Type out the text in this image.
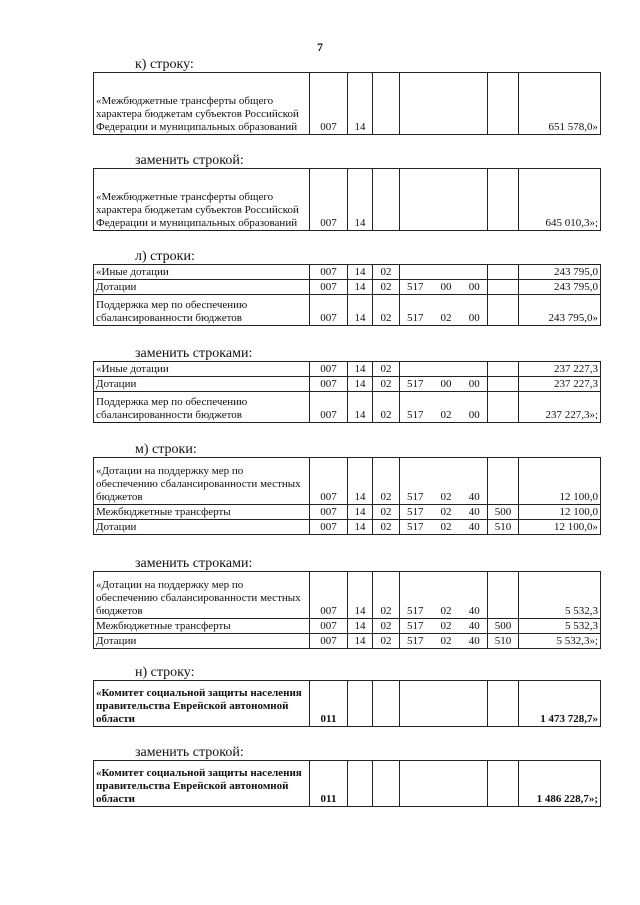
7
к) строку:
«Межбюджетные трансферты общего характера бюджетам субъектов Российской Федерации и муниципальных образований	007	14						651 578,0»
заменить строкой:
«Межбюджетные трансферты общего характера бюджетам субъектов Российской Федерации и муниципальных образований	007	14						645 010,3»;
л) строки:
«Иные дотации	007	14	02					243 795,0
Дотации	007	14	02	517	00	00		243 795,0
Поддержка мер по обеспечению сбалансированности бюджетов	007	14	02	517	02	00		243 795,0»
заменить строками:
«Иные дотации	007	14	02					237 227,3
Дотации	007	14	02	517	00	00		237 227,3
Поддержка мер по обеспечению сбалансированности бюджетов	007	14	02	517	02	00		237 227,3»;
м) строки:
«Дотации на поддержку мер по обеспечению сбалансированности местных бюджетов	007	14	02	517	02	40		12 100,0
Межбюджетные трансферты	007	14	02	517	02	40	500	12 100,0
Дотации	007	14	02	517	02	40	510	12 100,0»
заменить строками:
«Дотации на поддержку мер по обеспечению сбалансированности местных бюджетов	007	14	02	517	02	40		5 532,3
Межбюджетные трансферты	007	14	02	517	02	40	500	5 532,3
Дотации	007	14	02	517	02	40	510	5 532,3»;
н) строку:
«Комитет социальной защиты населения правительства Еврейской автономной области	011							1 473 728,7»
заменить строкой:
«Комитет социальной защиты населения правительства Еврейской автономной области	011							1 486 228,7»;
